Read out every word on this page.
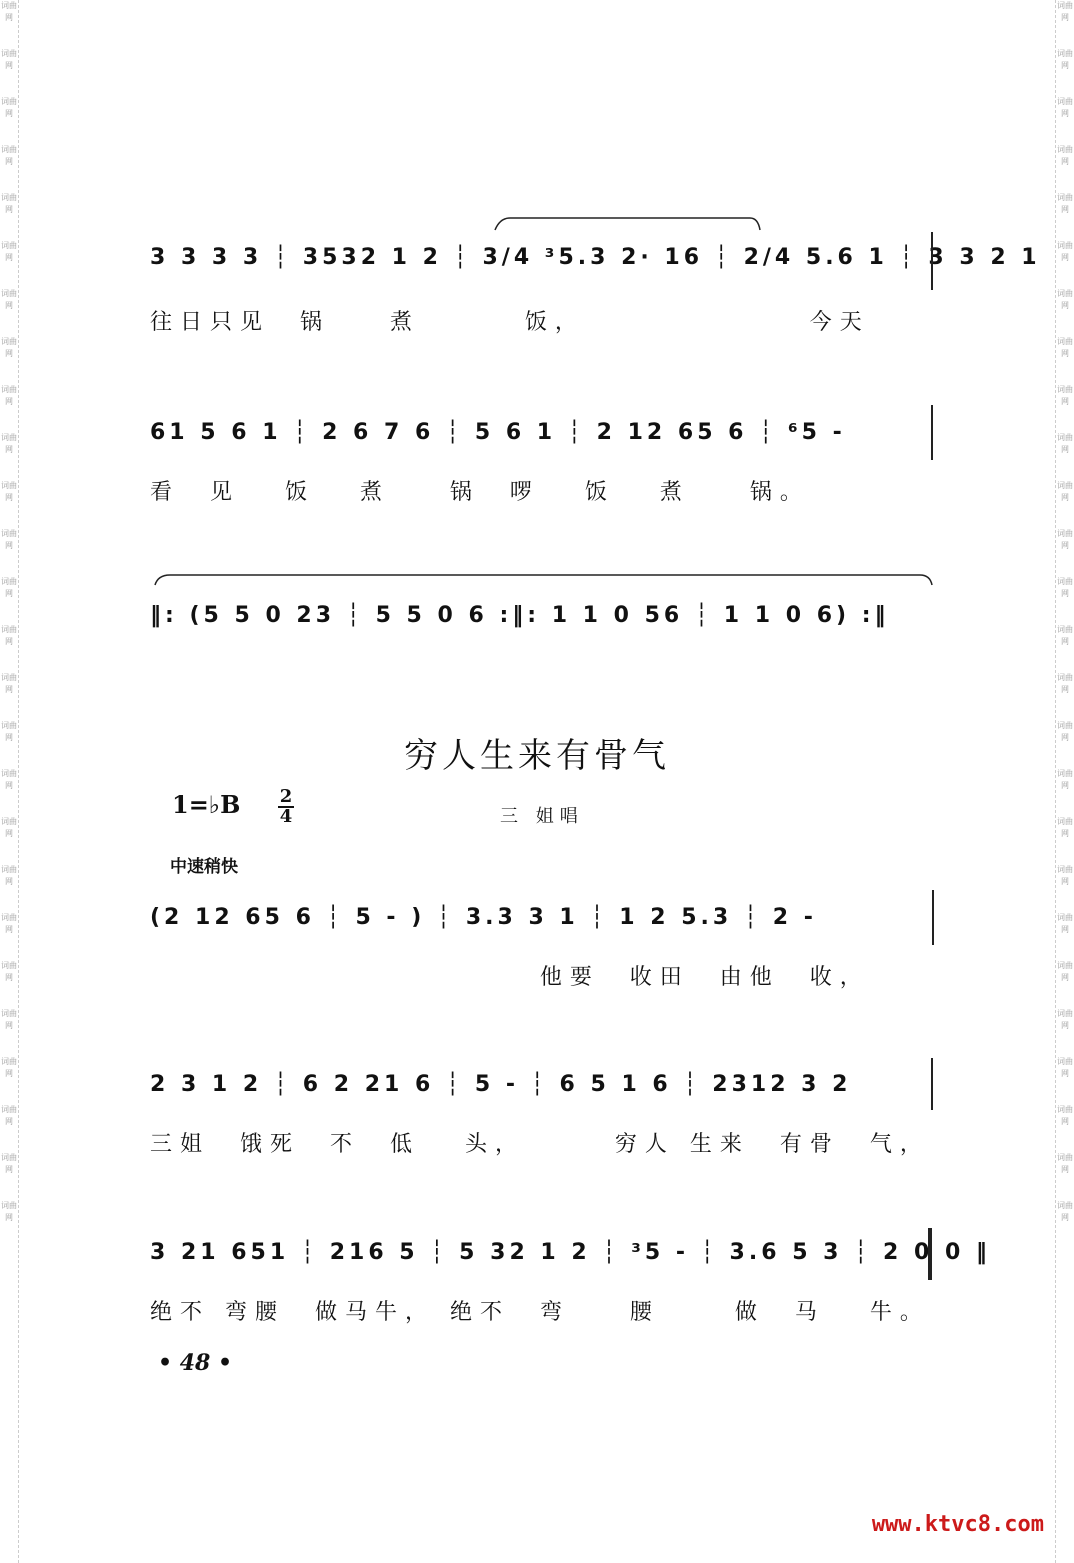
词曲网
词曲网
词曲网
词曲网
词曲网
词曲网
词曲网
词曲网
词曲网
词曲网
词曲网
词曲网
词曲网
词曲网
词曲网
词曲网
词曲网
词曲网
词曲网
词曲网
词曲网
词曲网
词曲网
词曲网
词曲网
词曲网
词曲网
词曲网
词曲网
词曲网
词曲网
词曲网
词曲网
词曲网
词曲网
词曲网
词曲网
词曲网
词曲网
词曲网
词曲网
词曲网
词曲网
词曲网
词曲网
词曲网
词曲网
词曲网
词曲网
词曲网
词曲网
词曲网
3 3 3 3 ┆ 3532 1 2 ┆ 3/4 ³5.3 2· 16 ┆ 2/4 5.6 1 ┆ 3 3 2 1
往日只见  锅    煮       饭，               今天
61 5 6 1 ┆ 2 6 7 6 ┆ 5 6 1 ┆ 2 12 65 6 ┆ ⁶5 -
看  见   饭   煮    锅  啰   饭   煮    锅。
‖: (5 5 0 23 ┆ 5 5 0 6 :‖: 1 1 0 56 ┆ 1 1 0 6) :‖
穷人生来有骨气
1=♭B 2
4	三 姐唱
中速稍快
(2 12 65 6 ┆ 5 - ) ┆ 3.3 3 1 ┆ 1 2 5.3 ┆ 2 -
他要  收田  由他  收，
2 3 1 2 ┆ 6 2 21 6 ┆ 5 - ┆ 6 5 1 6 ┆ 2312 3 2
三姐  饿死  不  低   头，      穷人 生来  有骨  气，
3 21 651 ┆ 216 5 ┆ 5 32 1 2 ┆ ³5 - ┆ 3.6 5 3 ┆ 2 0 0 ‖
绝不 弯腰  做马牛， 绝不  弯    腰     做  马   牛。
• 48 •
www.ktvc8.com
